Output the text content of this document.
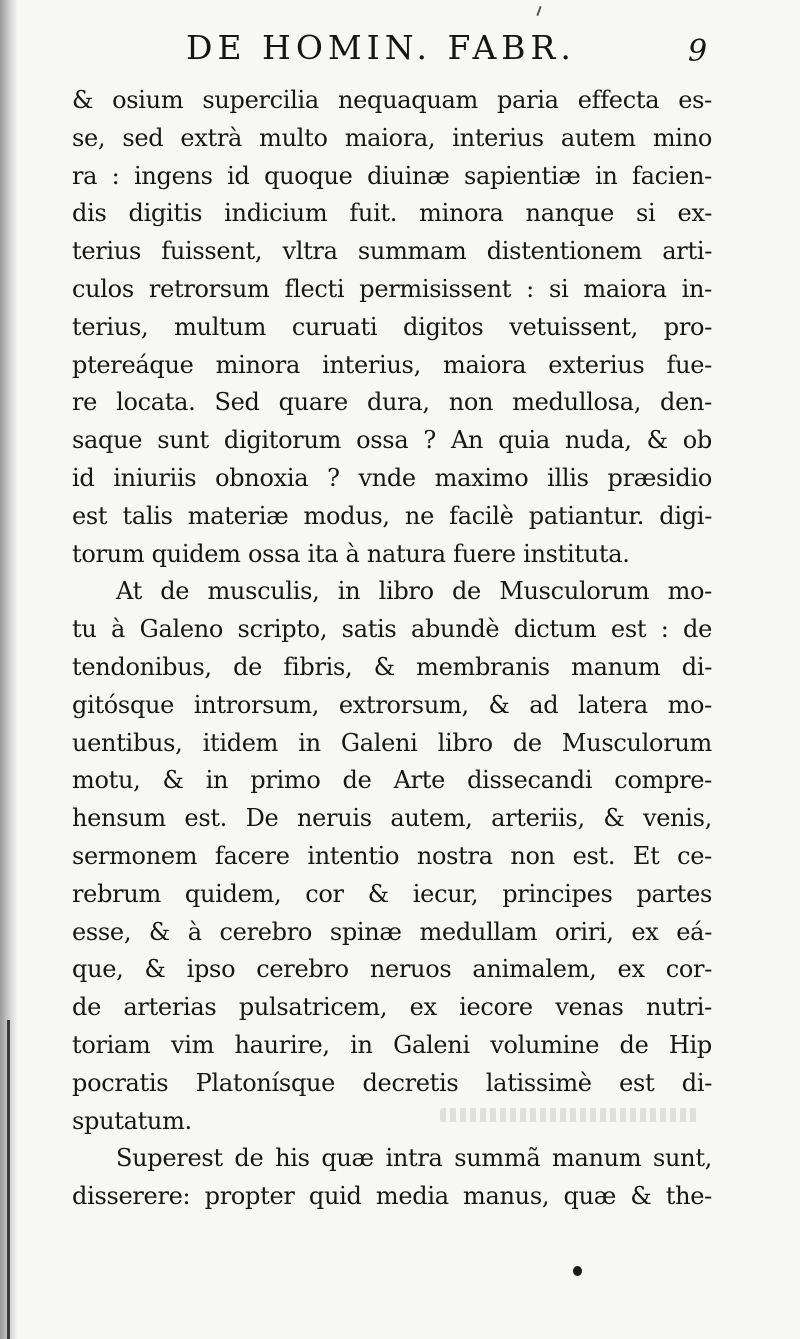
DE HOMIN. FABR.	9
& osium supercilia nequaquam paria effecta es-
se, sed extrà multo maiora, interius autem mino
ra : ingens id quoque diuinæ sapientiæ in facien-
dis digitis indicium fuit. minora nanque si ex-
terius fuissent, vltra summam distentionem arti-
culos retrorsum flecti permisissent : si maiora in-
terius, multum curuati digitos vetuissent, pro-
ptereáque minora interius, maiora exterius fue-
re locata. Sed quare dura, non medullosa, den-
saque sunt digitorum ossa ? An quia nuda, & ob
id iniuriis obnoxia ? vnde maximo illis præsidio
est talis materiæ modus, ne facilè patiantur. digi-
torum quidem ossa ita à natura fuere instituta.
At de musculis, in libro de Musculorum mo-
tu à Galeno scripto, satis abundè dictum est : de
tendonibus, de fibris, & membranis manum di-
gitósque introrsum, extrorsum, & ad latera mo-
uentibus, itidem in Galeni libro de Musculorum
motu, & in primo de Arte dissecandi compre-
hensum est. De neruis autem, arteriis, & venis,
sermonem facere intentio nostra non est. Et ce-
rebrum quidem, cor & iecur, principes partes
esse, & à cerebro spinæ medullam oriri, ex eá-
que, & ipso cerebro neruos animalem, ex cor-
de arterias pulsatricem, ex iecore venas nutri-
toriam vim haurire, in Galeni volumine de Hip
pocratis Platonísque decretis latissimè est di-
sputatum.
Superest de his quæ intra summã manum sunt,
disserere: propter quid media manus, quæ & the-
